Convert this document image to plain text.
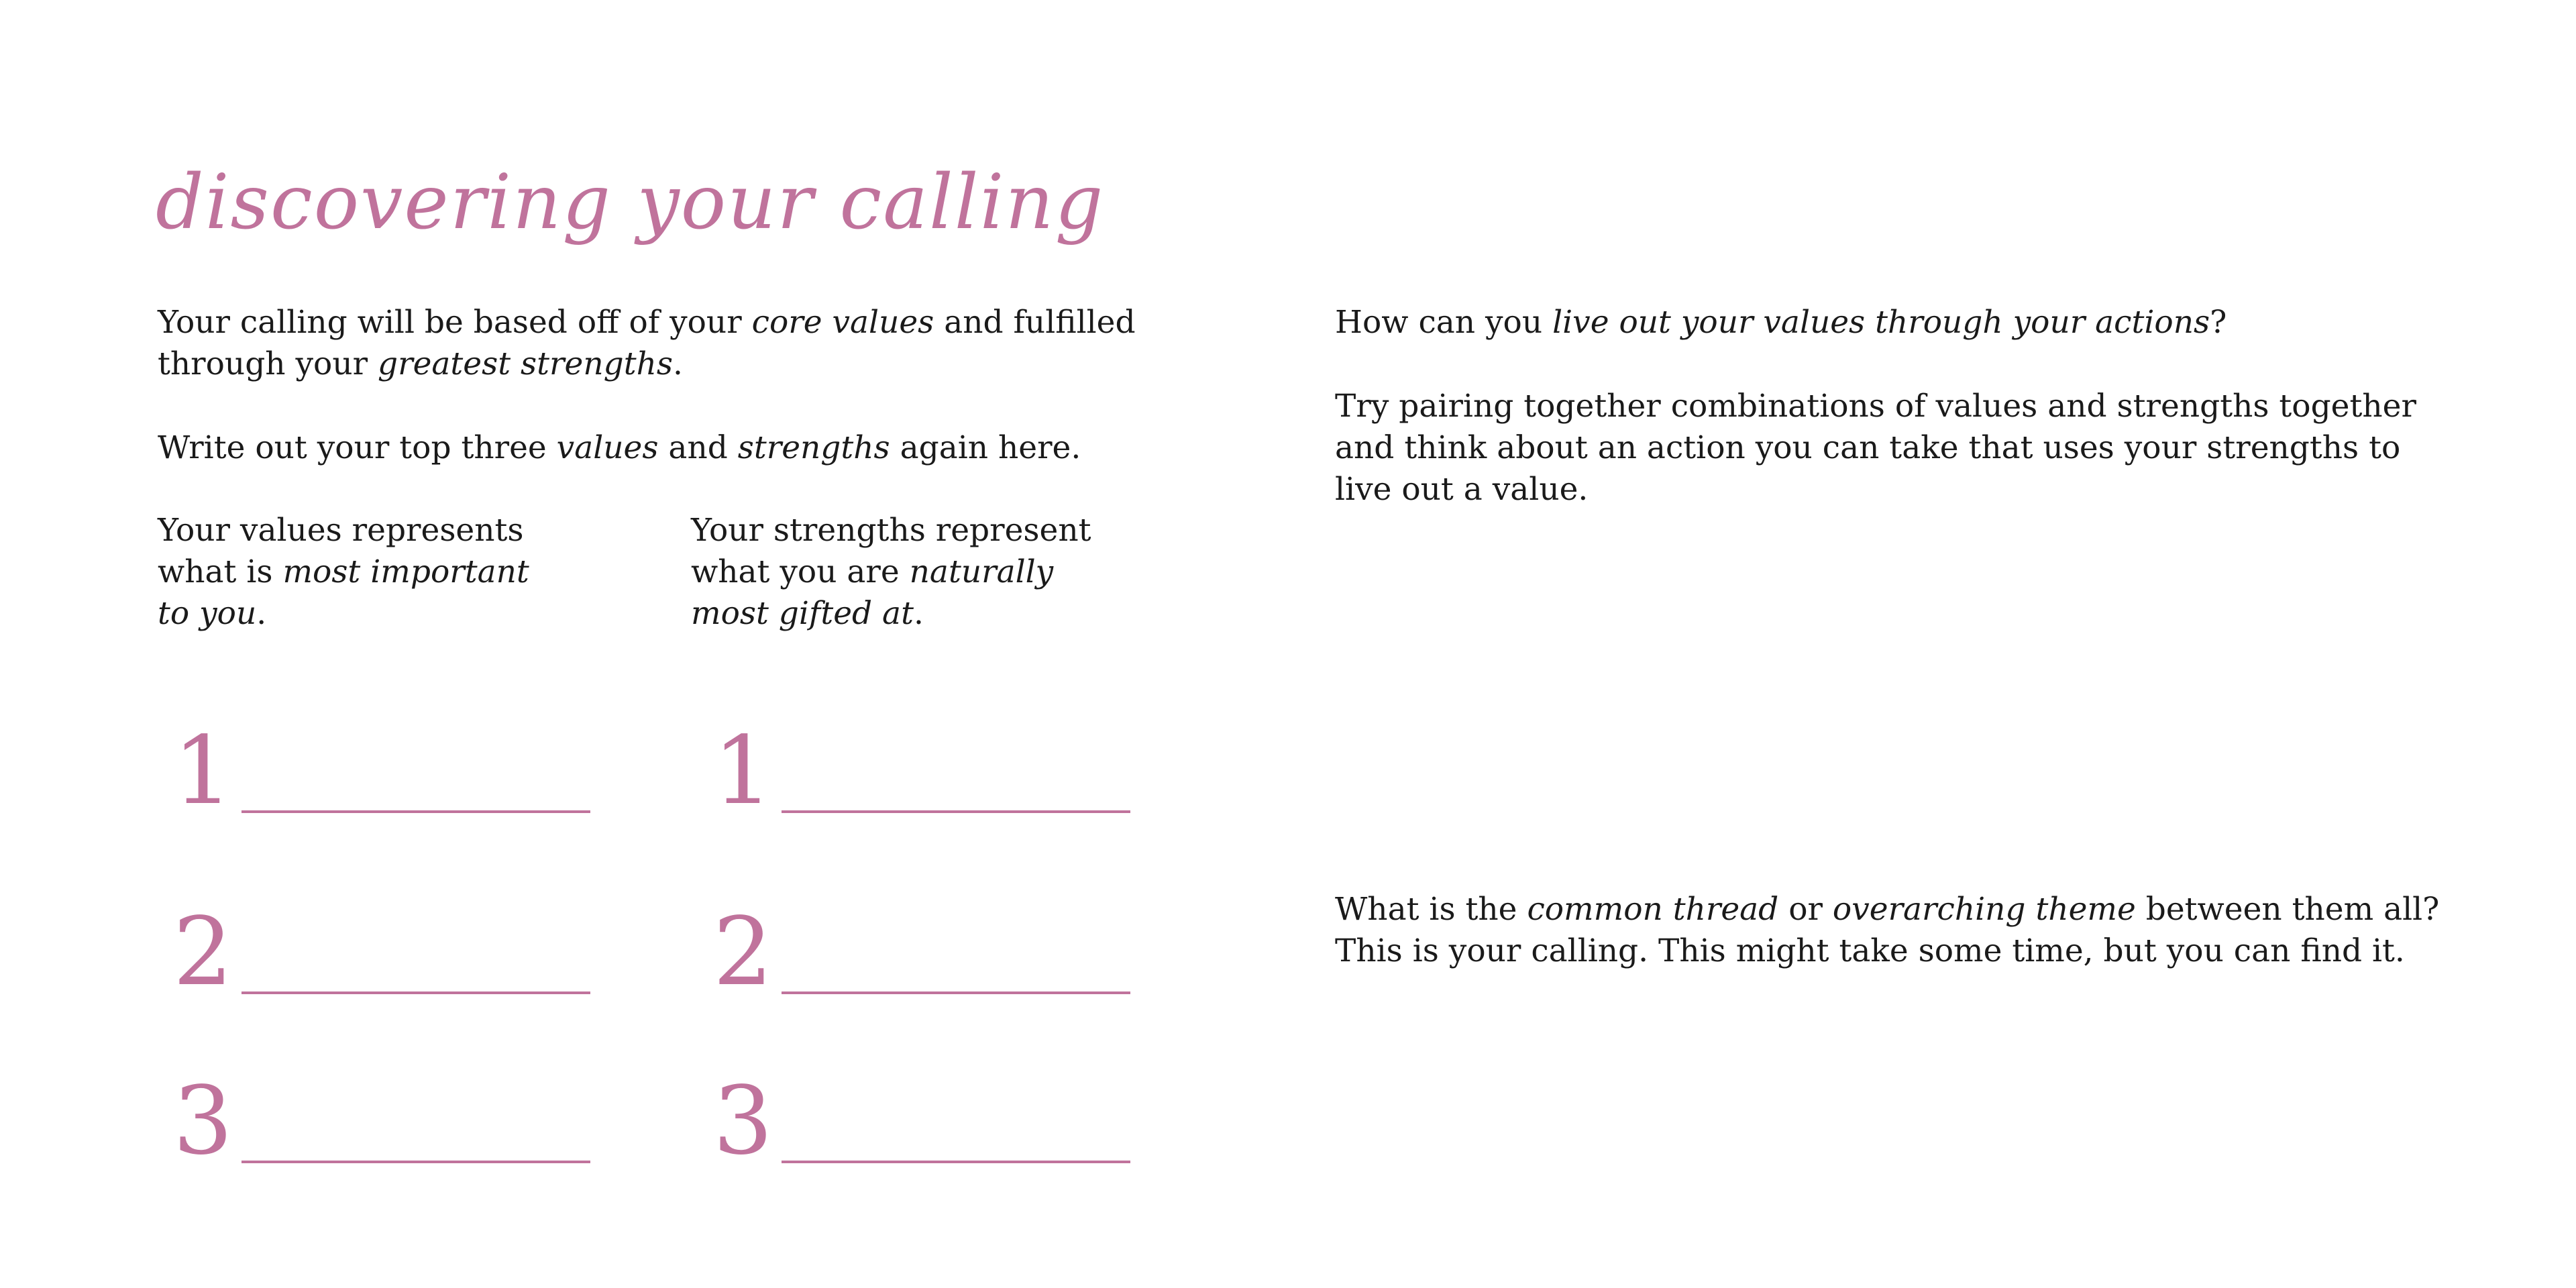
discovering your calling

Your calling will be based off of your core values and fulfilled through your greatest strengths.

Write out your top three values and strengths again here.

Your values represents what is most important to you.

Your strengths represent what you are naturally most gifted at.

1
2
3
1
2
3

How can you live out your values through your actions?

Try pairing together combinations of values and strengths together and think about an action you can take that uses your strengths to live out a value.

What is the common thread or overarching theme between them all? This is your calling. This might take some time, but you can find it.
